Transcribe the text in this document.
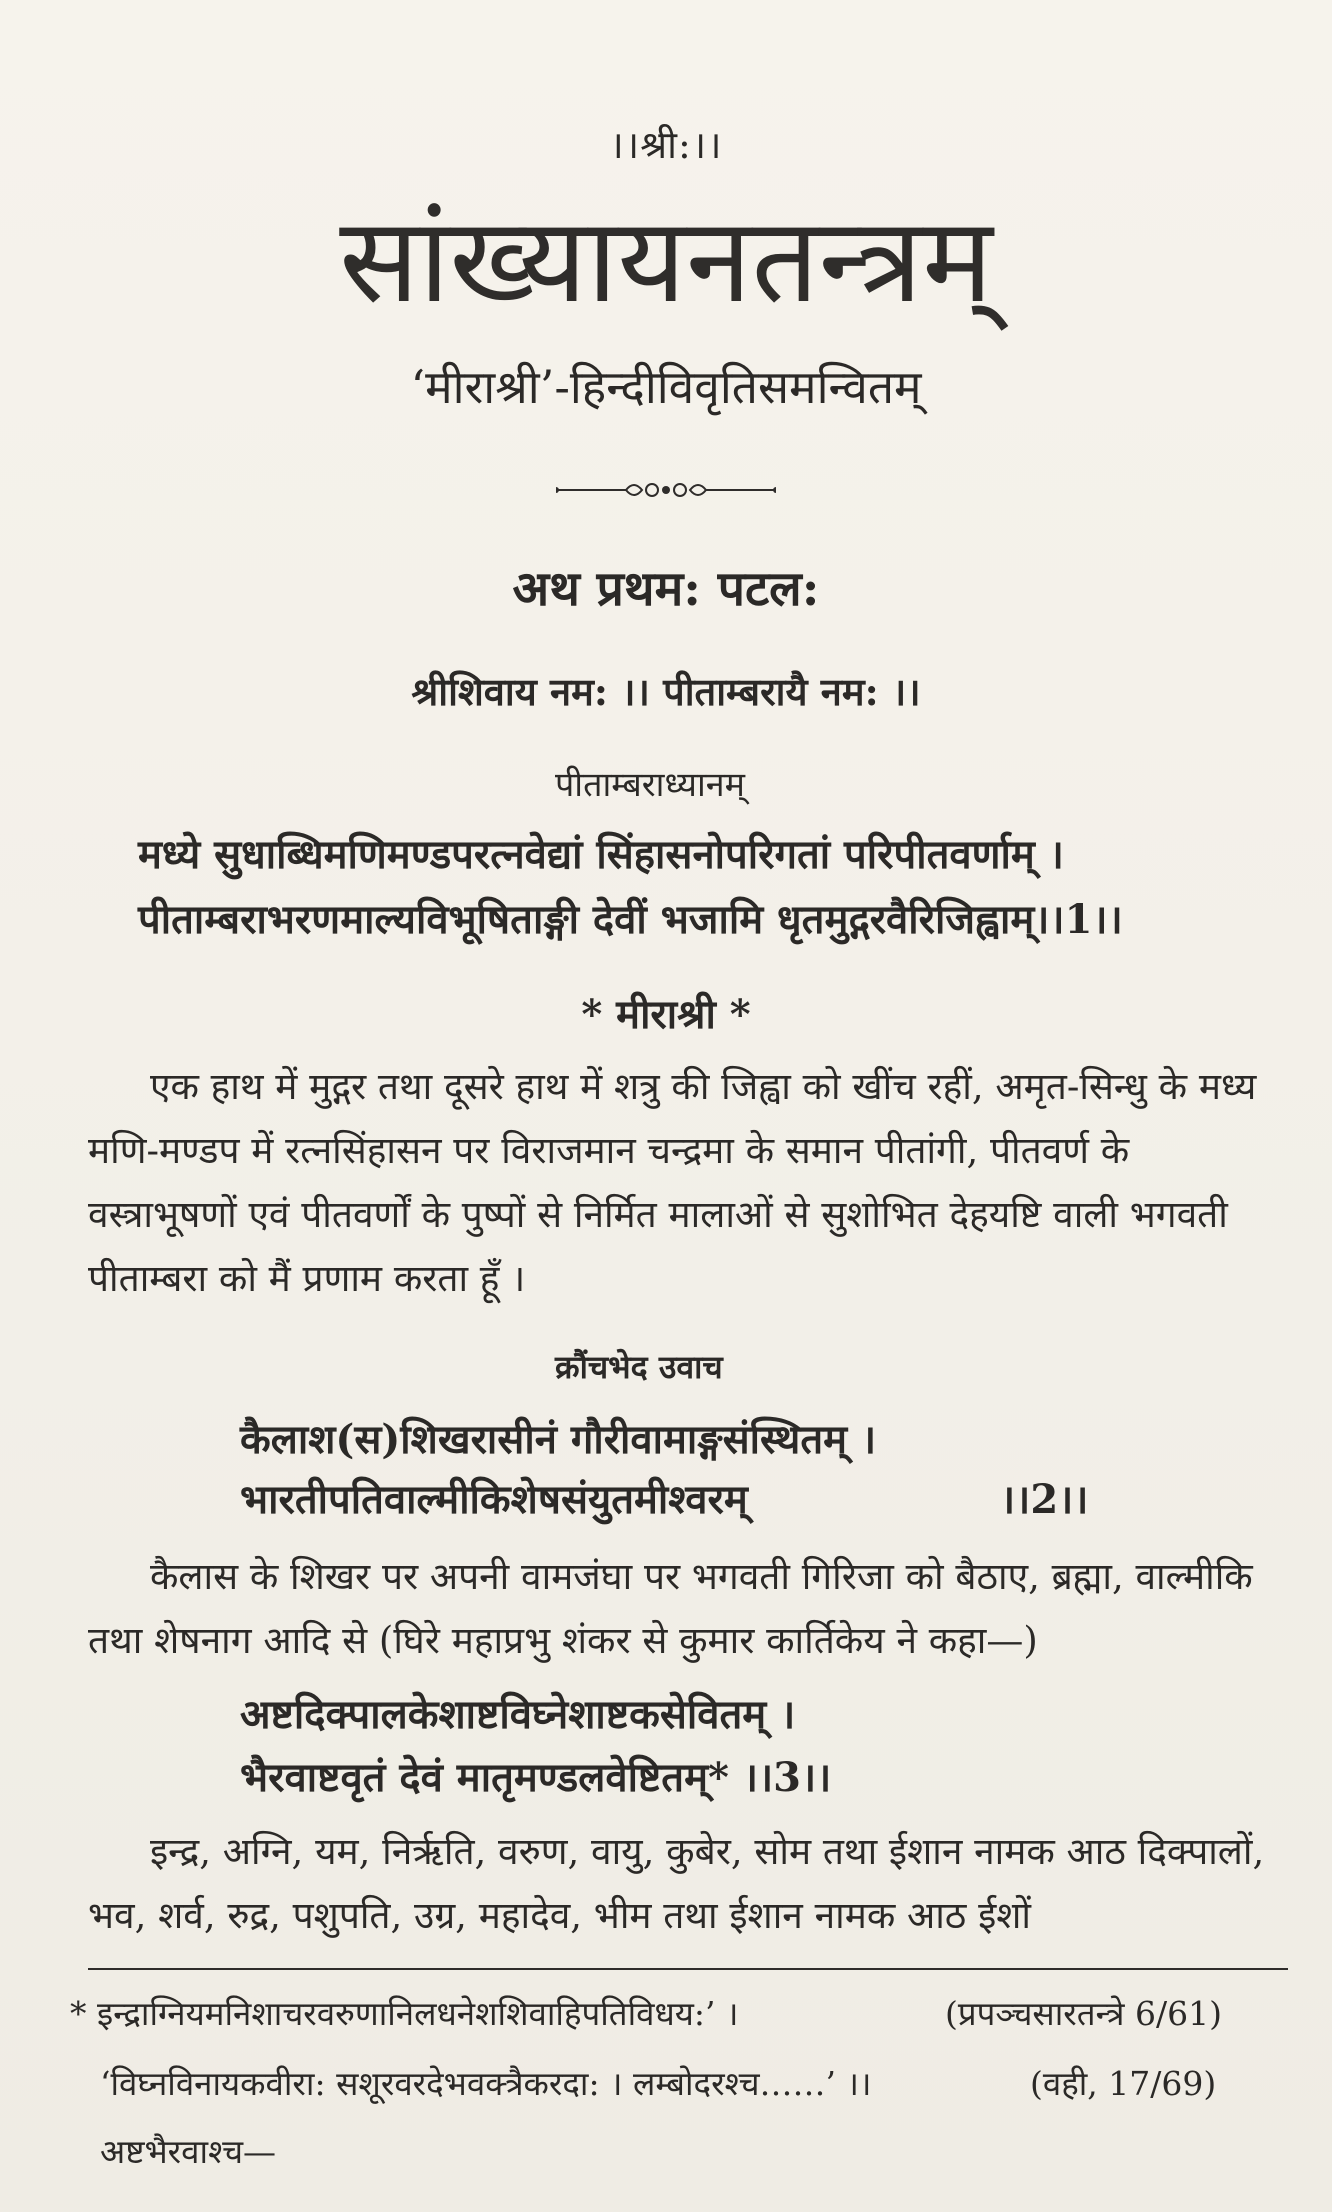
।।श्री:।।
सांख्यायनतन्त्रम्
‘मीराश्री’-हिन्दीविवृतिसमन्वितम्
अथ प्रथम: पटल:
श्रीशिवाय नम: ।। पीताम्बरायै नम: ।।
पीताम्बराध्यानम्
मध्ये सुधाब्धिमणिमण्डपरत्नवेद्यां सिंहासनोपरिगतां परिपीतवर्णाम् ।
पीताम्बराभरणमाल्यविभूषिताङ्गी देवीं भजामि धृतमुद्गरवैरिजिह्वाम्।।1।।
* मीराश्री *

एक हाथ में मुद्गर तथा दूसरे हाथ में शत्रु की जिह्वा को खींच रहीं, अमृत-सिन्धु के मध्य मणि-मण्डप में रत्नसिंहासन पर विराजमान चन्द्रमा के समान पीतांगी, पीतवर्ण के वस्त्राभूषणों एवं पीतवर्णों के पुष्पों से निर्मित मालाओं से सुशोभित देहयष्टि वाली भगवती पीताम्बरा को मैं प्रणाम करता हूँ ।

क्रौंचभेद उवाच
कैलाश(स)शिखरासीनं गौरीवामाङ्गसंस्थितम् ।
भारतीपतिवाल्मीकिशेषसंयुतमीश्वरम्	।।2।।

कैलास के शिखर पर अपनी वामजंघा पर भगवती गिरिजा को बैठाए, ब्रह्मा, वाल्मीकि तथा शेषनाग आदि से (घिरे महाप्रभु शंकर से कुमार कार्तिकेय ने कहा—)

अष्टदिक्पालकेशाष्टविघ्नेशाष्टकसेवितम् ।
भैरवाष्टवृतं देवं मातृमण्डलवेष्टितम्* ।।3।।

इन्द्र, अग्नि, यम, निर्ऋति, वरुण, वायु, कुबेर, सोम तथा ईशान नामक आठ दिक्पालों, भव, शर्व, रुद्र, पशुपति, उग्र, महादेव, भीम तथा ईशान नामक आठ ईशों

* इन्द्राग्नियमनिशाचरवरुणानिलधनेशशिवाहिपतिविधय:’ ।	(प्रपञ्चसारतन्त्रे 6/61)
‘विघ्नविनायकवीरा: सशूरवरदेभवक्त्रैकरदा: । लम्बोदरश्च……’ ।।	(वही, 17/69)
अष्टभैरवाश्च—
